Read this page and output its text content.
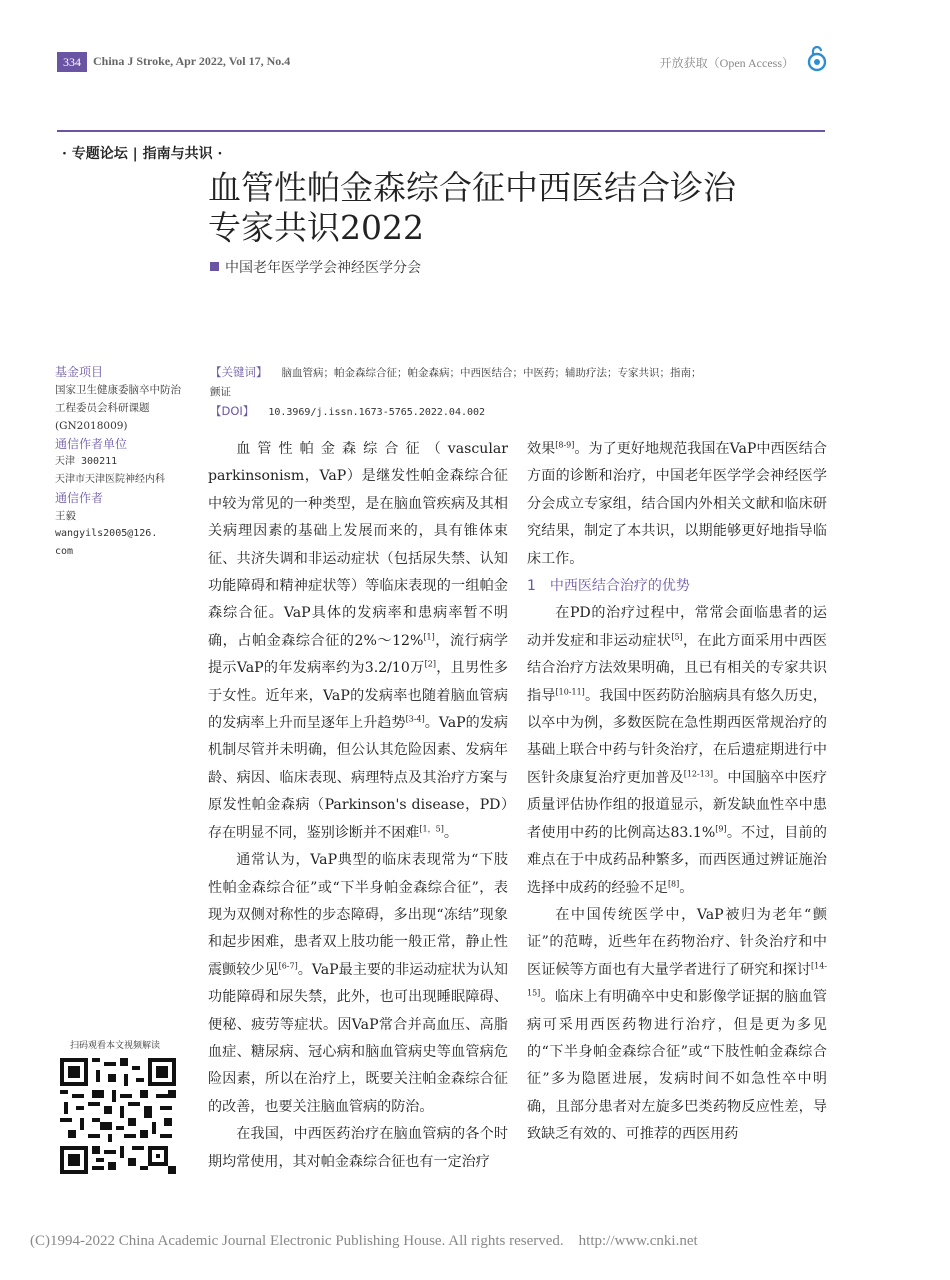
334	China J Stroke, Apr 2022, Vol 17, No.4	开放获取（Open Access）
· 专题论坛 | 指南与共识 ·
血管性帕金森综合征中西医结合诊治
专家共识2022
中国老年医学学会神经医学分会
基金项目
国家卫生健康委脑卒中防治工程委员会科研课题 (GN2018009)
通信作者单位
天津 300211
天津市天津医院神经内科
通信作者
王毅
wangyils2005@126.
com
【关键词】 脑血管病；帕金森综合征；帕金森病；中西医结合；中医药；辅助疗法；专家共识；指南；
颤证
【DOI】 10.3969/j.issn.1673-5765.2022.04.002

血管性帕金森综合征（vascular parkinsonism，VaP）是继发性帕金森综合征中较为常见的一种类型，是在脑血管疾病及其相关病理因素的基础上发展而来的，具有锥体束征、共济失调和非运动症状（包括尿失禁、认知功能障碍和精神症状等）等临床表现的一组帕金森综合征。VaP具体的发病率和患病率暂不明确，占帕金森综合征的2%～12%[1]，流行病学提示VaP的年发病率约为3.2/10万[2]，且男性多于女性。近年来，VaP的发病率也随着脑血管病的发病率上升而呈逐年上升趋势[3-4]。VaP的发病机制尽管并未明确，但公认其危险因素、发病年龄、病因、临床表现、病理特点及其治疗方案与原发性帕金森病（Parkinson's disease，PD）存在明显不同，鉴别诊断并不困难[1，5]。

通常认为，VaP典型的临床表现常为“下肢性帕金森综合征”或“下半身帕金森综合征”，表现为双侧对称性的步态障碍，多出现“冻结”现象和起步困难，患者双上肢功能一般正常，静止性震颤较少见[6-7]。VaP最主要的非运动症状为认知功能障碍和尿失禁，此外，也可出现睡眠障碍、便秘、疲劳等症状。因VaP常合并高血压、高脂血症、糖尿病、冠心病和脑血管病史等血管病危险因素，所以在治疗上，既要关注帕金森综合征的改善，也要关注脑血管病的防治。

在我国，中西医药治疗在脑血管病的各个时期均常使用，其对帕金森综合征也有一定治疗

效果[8-9]。为了更好地规范我国在VaP中西医结合方面的诊断和治疗，中国老年医学学会神经医学分会成立专家组，结合国内外相关文献和临床研究结果，制定了本共识，以期能够更好地指导临床工作。

1 中西医结合治疗的优势

在PD的治疗过程中，常常会面临患者的运动并发症和非运动症状[5]，在此方面采用中西医结合治疗方法效果明确，且已有相关的专家共识指导[10-11]。我国中医药防治脑病具有悠久历史，以卒中为例，多数医院在急性期西医常规治疗的基础上联合中药与针灸治疗，在后遗症期进行中医针灸康复治疗更加普及[12-13]。中国脑卒中医疗质量评估协作组的报道显示，新发缺血性卒中患者使用中药的比例高达83.1%[9]。不过，目前的难点在于中成药品种繁多，而西医通过辨证施治选择中成药的经验不足[8]。

在中国传统医学中，VaP被归为老年“颤证”的范畴，近些年在药物治疗、针灸治疗和中医证候等方面也有大量学者进行了研究和探讨[14-15]。临床上有明确卒中史和影像学证据的脑血管病可采用西医药物进行治疗，但是更为多见的“下半身帕金森综合征”或“下肢性帕金森综合征”多为隐匿进展，发病时间不如急性卒中明确，且部分患者对左旋多巴类药物反应性差，导致缺乏有效的、可推荐的西医用药

扫码观看本文视频解读
(C)1994-2022 China Academic Journal Electronic Publishing House. All rights reserved.    http://www.cnki.net
